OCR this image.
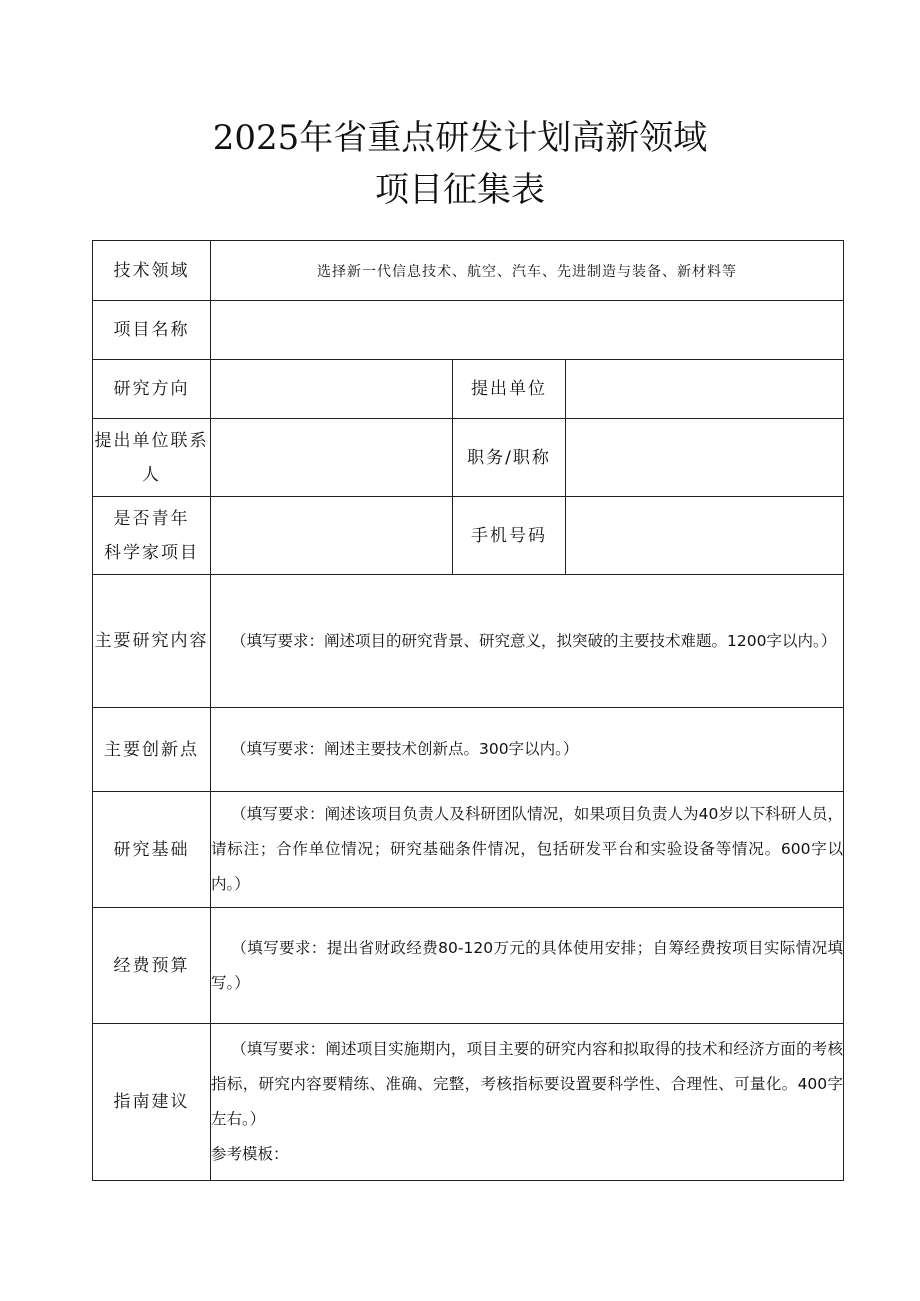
2025年省重点研发计划高新领域
项目征集表
技术领域	选择新一代信息技术、航空、汽车、先进制造与装备、新材料等		
项目名称			
研究方向		提出单位	

提出单位联系
人		职务/职称	

是否青年
科学家项目		手机号码	
主要研究内容	（填写要求：阐述项目的研究背景、研究意义，拟突破的主要技术难题。1200字以内。）		
主要创新点	（填写要求：阐述主要技术创新点。300字以内。）		
研究基础	（填写要求：阐述该项目负责人及科研团队情况，如果项目负责人为40岁以下科研人员，请标注；合作单位情况；研究基础条件情况，包括研发平台和实验设备等情况。600字以内。）		
经费预算	（填写要求：提出省财政经费80-120万元的具体使用安排；自筹经费按项目实际情况填写。）		
指南建议	（填写要求：阐述项目实施期内，项目主要的研究内容和拟取得的技术和经济方面的考核指标，研究内容要精练、准确、完整，考核指标要设置要科学性、合理性、可量化。400字左右。）
参考模板：		
